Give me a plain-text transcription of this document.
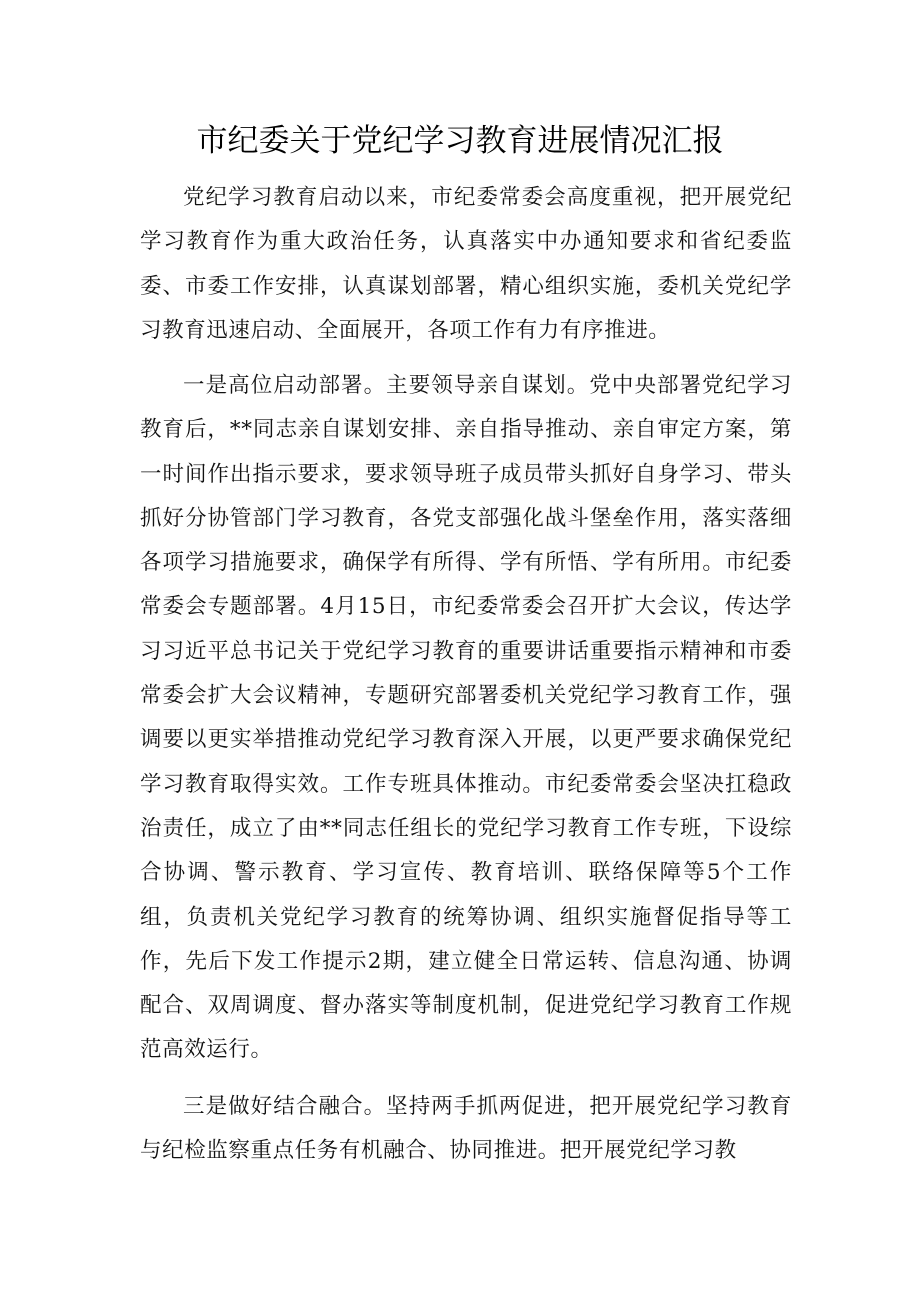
市纪委关于党纪学习教育进展情况汇报

党纪学习教育启动以来，市纪委常委会高度重视，把开展党纪学习教育作为重大政治任务，认真落实中办通知要求和省纪委监委、市委工作安排，认真谋划部署，精心组织实施，委机关党纪学习教育迅速启动、全面展开，各项工作有力有序推进。

一是高位启动部署。主要领导亲自谋划。党中央部署党纪学习教育后，**同志亲自谋划安排、亲自指导推动、亲自审定方案，第一时间作出指示要求，要求领导班子成员带头抓好自身学习、带头抓好分协管部门学习教育，各党支部强化战斗堡垒作用，落实落细各项学习措施要求，确保学有所得、学有所悟、学有所用。市纪委常委会专题部署。4月15日，市纪委常委会召开扩大会议，传达学习习近平总书记关于党纪学习教育的重要讲话重要指示精神和市委常委会扩大会议精神，专题研究部署委机关党纪学习教育工作，强调要以更实举措推动党纪学习教育深入开展，以更严要求确保党纪学习教育取得实效。工作专班具体推动。市纪委常委会坚决扛稳政治责任，成立了由**同志任组长的党纪学习教育工作专班，下设综合协调、警示教育、学习宣传、教育培训、联络保障等5个工作组，负责机关党纪学习教育的统筹协调、组织实施督促指导等工作，先后下发工作提示2期，建立健全日常运转、信息沟通、协调配合、双周调度、督办落实等制度机制，促进党纪学习教育工作规范高效运行。

三是做好结合融合。坚持两手抓两促进，把开展党纪学习教育与纪检监察重点任务有机融合、协同推进。把开展党纪学习教
